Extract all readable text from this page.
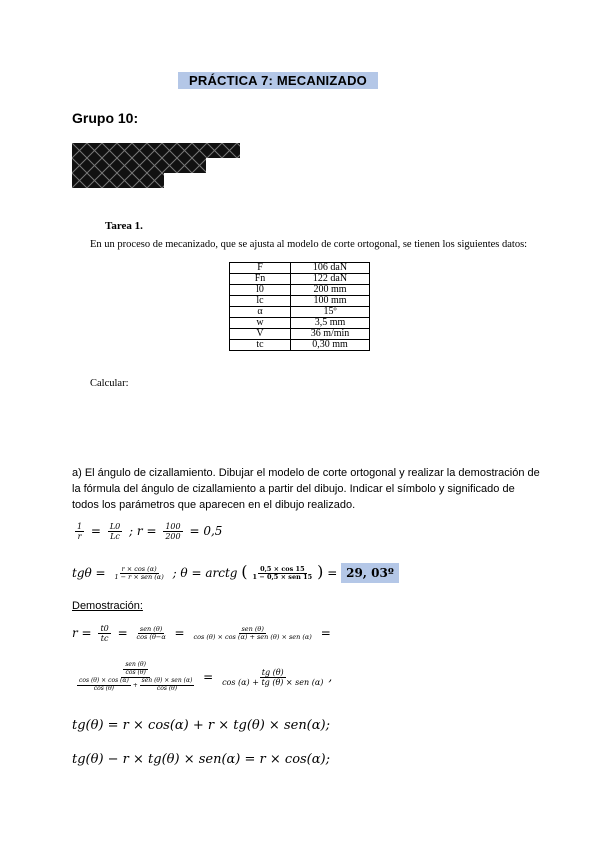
PRÁCTICA 7: MECANIZADO
Grupo 10:
Tarea 1.
En un proceso de mecanizado, que se ajusta al modelo de corte ortogonal, se tienen los siguientes datos:
F	106 daN
Fn	122 daN
l0	200 mm
lc	100 mm
α	15º
w	3,5 mm
V	36 m/min
tc	0,30 mm
Calcular:
a) El ángulo de cizallamiento. Dibujar el modelo de corte ortogonal y realizar la demostración de la fórmula del ángulo de cizallamiento a partir del dibujo. Indicar el símbolo y significado de todos los parámetros que aparecen en el dibujo realizado.
$\frac{1}{r} = \frac{L0}{Lc}$ ; $r = \frac{100}{200} = 0,5$
$tg\theta = \frac{r \times \cos (\alpha)}{\text{1 − r × sen (α)}}$ ; θ = arctg ( $\frac{0,5 \times \cos 15}{\text{1 − 0,5 × sen 15}}$ ) = 29, 03º
Demostración:
$r = \frac{t0}{tc} = \frac{\text{sen (θ)}}{\cos (\theta-\alpha} = \frac{\text{sen (θ)}}{\text{cos (θ) × cos (α) + sen (θ) × sen (α)}}$ =
$\frac{\text{sen (θ)}}{\cos (\theta)}$
$\frac{\cos (\theta) \times \cos (\alpha)}{\cos (\theta)} + \frac{\text{sen (θ) × sen (α)}}{\cos (\theta)}$
= $\frac{tg (\theta)}{\text{cos (α) + tg (θ) × sen (α)}}$ ,
tg(θ) = r × cos(α) + r × tg(θ) × sen(α);
tg(θ) − r × tg(θ) × sen(α) = r × cos(α);
